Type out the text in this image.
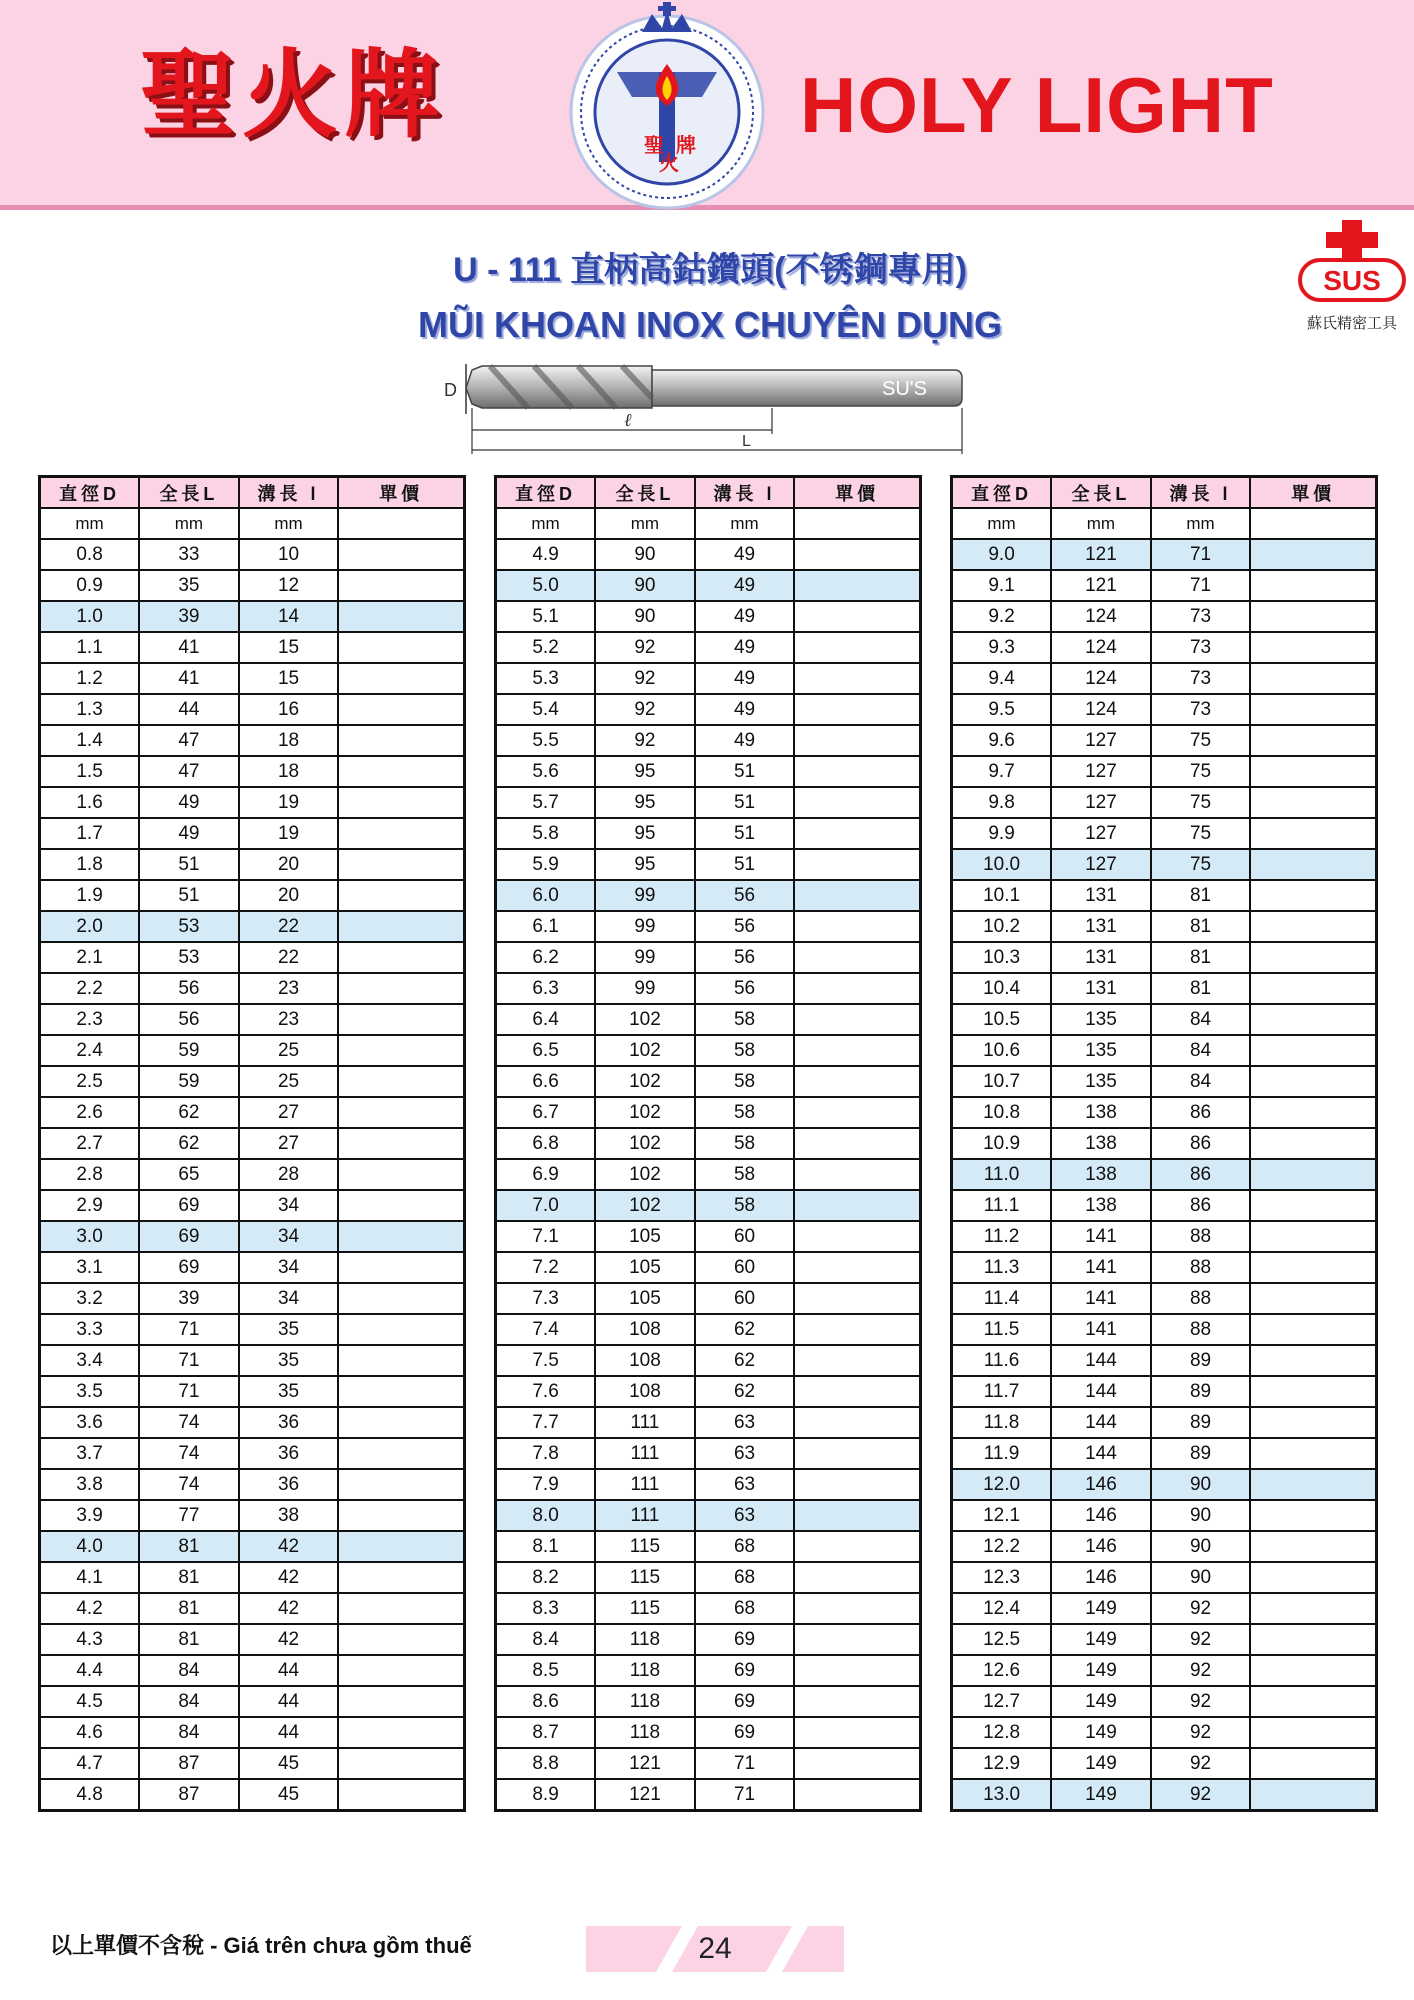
聖火牌	聖
火
牌 HOLY LIGHT
U - 111 直柄高鈷鑽頭(不锈鋼專用)
MŨI KHOAN INOX CHUYÊN DỤNG
SUS
蘇氏精密工具
D	SU'S
ℓ
L
直徑D	全長L	溝長 l	單價
mm	mm	mm	
0.8	33	10	
0.9	35	12	
1.0	39	14	
1.1	41	15	
1.2	41	15	
1.3	44	16	
1.4	47	18	
1.5	47	18	
1.6	49	19	
1.7	49	19	
1.8	51	20	
1.9	51	20	
2.0	53	22	
2.1	53	22	
2.2	56	23	
2.3	56	23	
2.4	59	25	
2.5	59	25	
2.6	62	27	
2.7	62	27	
2.8	65	28	
2.9	69	34	
3.0	69	34	
3.1	69	34	
3.2	39	34	
3.3	71	35	
3.4	71	35	
3.5	71	35	
3.6	74	36	
3.7	74	36	
3.8	74	36	
3.9	77	38	
4.0	81	42	
4.1	81	42	
4.2	81	42	
4.3	81	42	
4.4	84	44	
4.5	84	44	
4.6	84	44	
4.7	87	45	
4.8	87	45	
直徑D	全長L	溝長 l	單價
mm	mm	mm	
4.9	90	49	
5.0	90	49	
5.1	90	49	
5.2	92	49	
5.3	92	49	
5.4	92	49	
5.5	92	49	
5.6	95	51	
5.7	95	51	
5.8	95	51	
5.9	95	51	
6.0	99	56	
6.1	99	56	
6.2	99	56	
6.3	99	56	
6.4	102	58	
6.5	102	58	
6.6	102	58	
6.7	102	58	
6.8	102	58	
6.9	102	58	
7.0	102	58	
7.1	105	60	
7.2	105	60	
7.3	105	60	
7.4	108	62	
7.5	108	62	
7.6	108	62	
7.7	111	63	
7.8	111	63	
7.9	111	63	
8.0	111	63	
8.1	115	68	
8.2	115	68	
8.3	115	68	
8.4	118	69	
8.5	118	69	
8.6	118	69	
8.7	118	69	
8.8	121	71	
8.9	121	71	
直徑D	全長L	溝長 l	單價
mm	mm	mm	
9.0	121	71	
9.1	121	71	
9.2	124	73	
9.3	124	73	
9.4	124	73	
9.5	124	73	
9.6	127	75	
9.7	127	75	
9.8	127	75	
9.9	127	75	
10.0	127	75	
10.1	131	81	
10.2	131	81	
10.3	131	81	
10.4	131	81	
10.5	135	84	
10.6	135	84	
10.7	135	84	
10.8	138	86	
10.9	138	86	
11.0	138	86	
11.1	138	86	
11.2	141	88	
11.3	141	88	
11.4	141	88	
11.5	141	88	
11.6	144	89	
11.7	144	89	
11.8	144	89	
11.9	144	89	
12.0	146	90	
12.1	146	90	
12.2	146	90	
12.3	146	90	
12.4	149	92	
12.5	149	92	
12.6	149	92	
12.7	149	92	
12.8	149	92	
12.9	149	92	
13.0	149	92	
以上單價不含稅 - Giá trên chưa gồm thuế	24
